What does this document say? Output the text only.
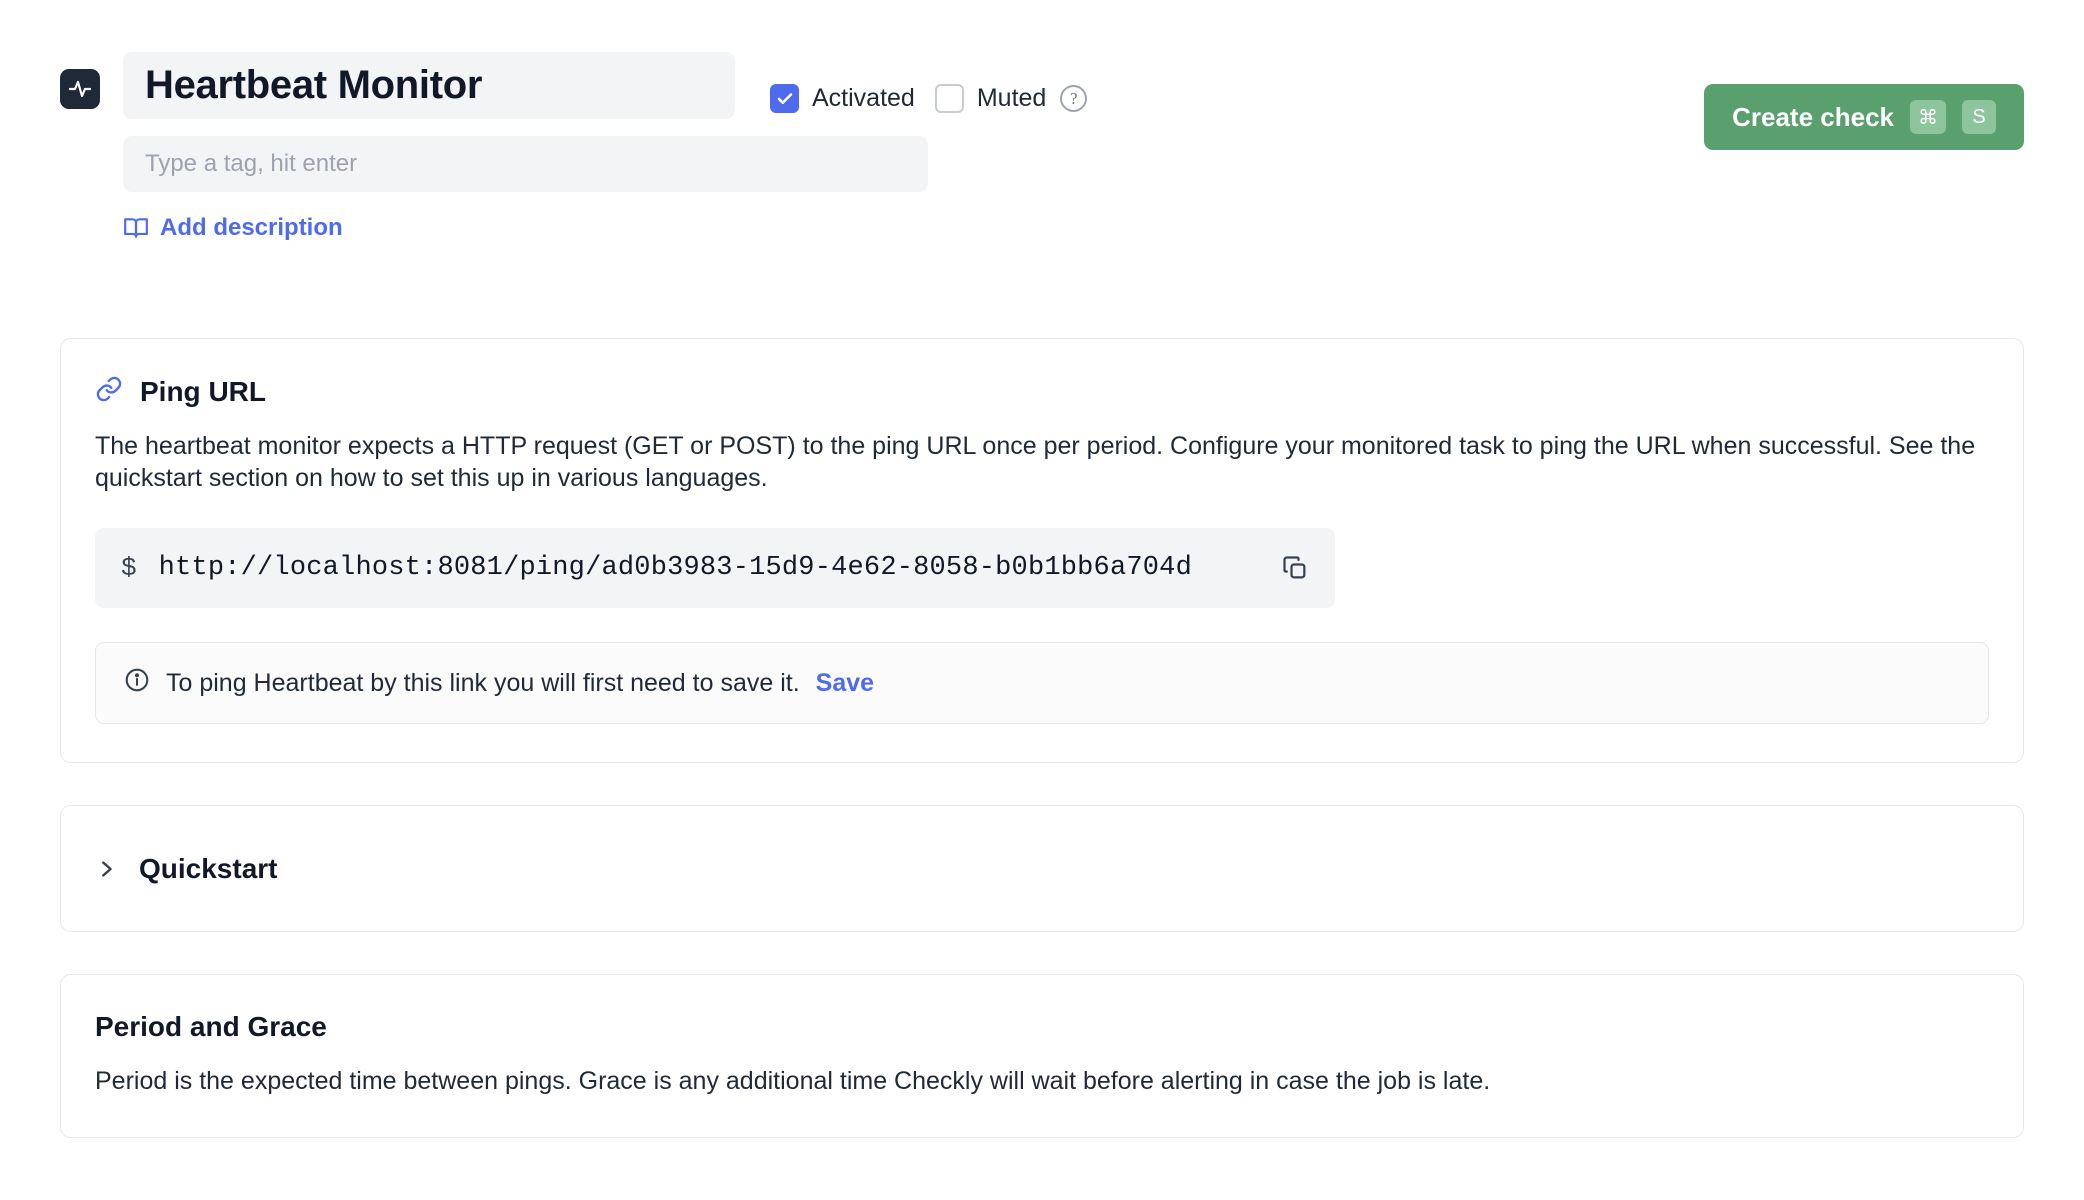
Heartbeat Monitor
Type a tag, hit enter
Add description
Activated Muted	?
Create check	⌘	S
Ping URL
The heartbeat monitor expects a HTTP request (GET or POST) to the ping URL once per period. Configure your monitored task to ping the URL when successful. See the quickstart section on how to set this up in various languages.
$ http://localhost:8081/ping/ad0b3983-15d9-4e62-8058-b0b1bb6a704d
To ping Heartbeat by this link you will first need to save it. Save
Quickstart
Period and Grace
Period is the expected time between pings. Grace is any additional time Checkly will wait before alerting in case the job is late.
